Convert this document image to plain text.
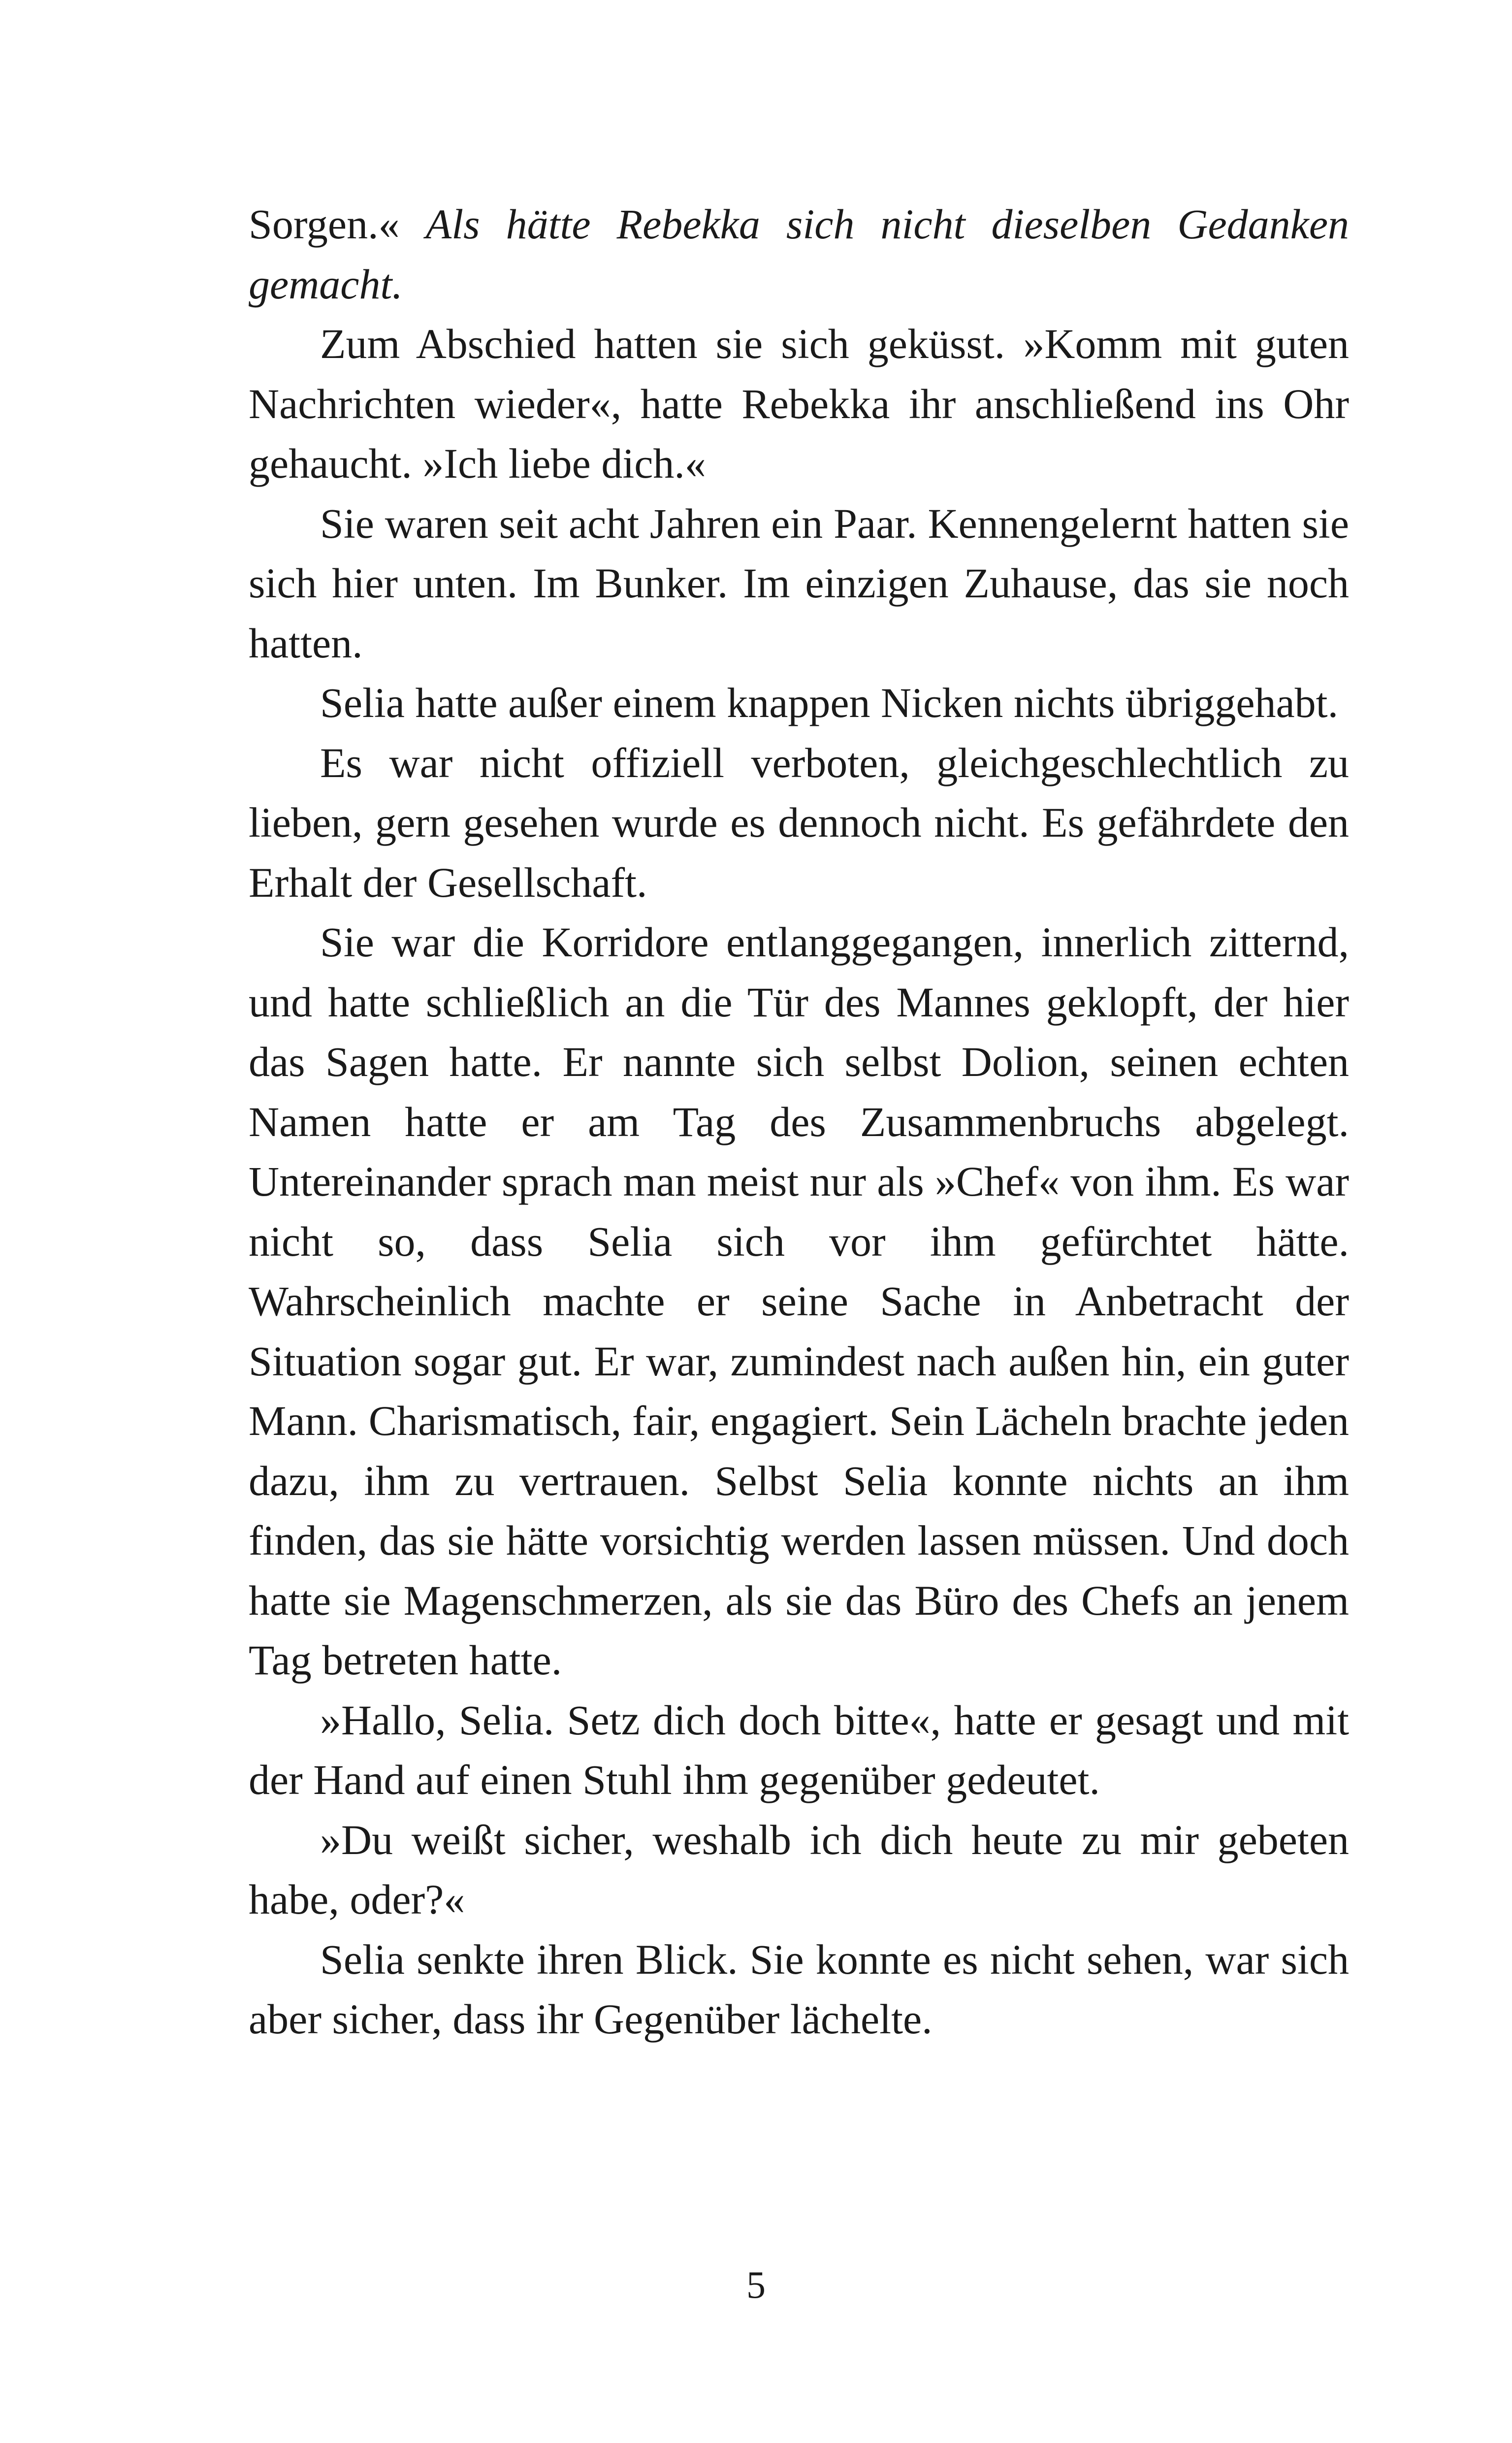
Sorgen.« Als hätte Rebekka sich nicht dieselben Gedanken gemacht.

Zum Abschied hatten sie sich geküsst. »Komm mit guten Nachrichten wieder«, hatte Rebekka ihr anschließend ins Ohr gehaucht. »Ich liebe dich.«

Sie waren seit acht Jahren ein Paar. Kennengelernt hatten sie sich hier unten. Im Bunker. Im einzigen Zuhause, das sie noch hatten.

Selia hatte außer einem knappen Nicken nichts übriggehabt.

Es war nicht offiziell verboten, gleichgeschlechtlich zu lieben, gern gesehen wurde es dennoch nicht. Es gefährdete den Erhalt der Gesellschaft.

Sie war die Korridore entlanggegangen, innerlich zitternd, und hatte schließlich an die Tür des Mannes geklopft, der hier das Sagen hatte. Er nannte sich selbst Dolion, seinen echten Namen hatte er am Tag des Zusammenbruchs abgelegt. Untereinander sprach man meist nur als »Chef« von ihm. Es war nicht so, dass Selia sich vor ihm gefürchtet hätte. Wahrscheinlich machte er seine Sache in Anbetracht der Situation sogar gut. Er war, zumindest nach außen hin, ein guter Mann. Charismatisch, fair, engagiert. Sein Lächeln brachte jeden dazu, ihm zu vertrauen. Selbst Selia konnte nichts an ihm finden, das sie hätte vorsichtig werden lassen müssen. Und doch hatte sie Magenschmerzen, als sie das Büro des Chefs an jenem Tag betreten hatte.

»Hallo, Selia. Setz dich doch bitte«, hatte er gesagt und mit der Hand auf einen Stuhl ihm gegenüber gedeutet.

»Du weißt sicher, weshalb ich dich heute zu mir gebeten habe, oder?«

Selia senkte ihren Blick. Sie konnte es nicht sehen, war sich aber sicher, dass ihr Gegenüber lächelte.

5
